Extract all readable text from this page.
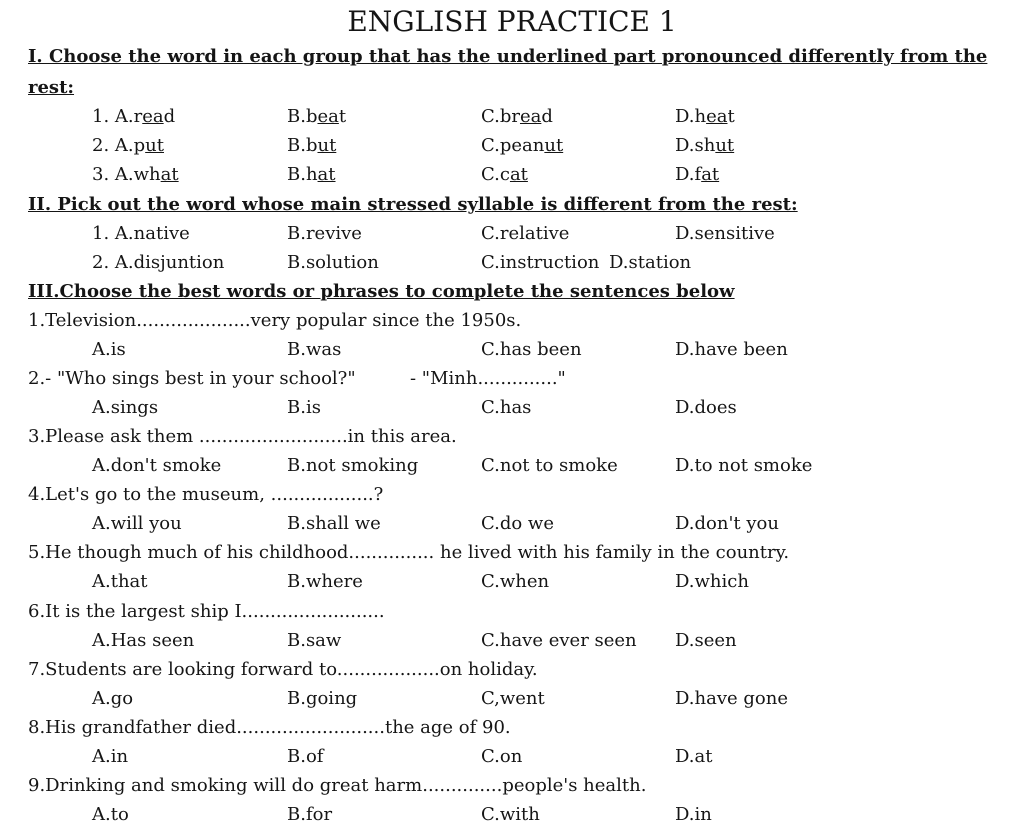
ENGLISH PRACTICE 1
I. Choose the word in each group that has the underlined part pronounced differently from the
rest:
1. A.read	B.beat	C.bread	D.heat
2. A.put	B.but	C.peanut	D.shut
3. A.what	B.hat	C.cat	D.fat
II. Pick out the word whose main stressed syllable is different from the rest:
1. A.native	B.revive	C.relative	D.sensitive
2. A.disjuntion	B.solution	C.instruction D.station
III.Choose the best words or phrases to complete the sentences below
1.Television....................very popular since the 1950s.
A.is	B.was	C.has been	D.have been
2.- "Who sings best in your school?"	- "Minh.............."
A.sings	B.is	C.has	D.does
3.Please ask them ..........................in this area.
A.don't smoke	B.not smoking	C.not to smoke	D.to not smoke
4.Let's go to the museum, ..................?
A.will you	B.shall we	C.do we	D.don't you
5.He though much of his childhood............... he lived with his family in the country.
A.that	B.where	C.when	D.which
6.It is the largest ship I.........................
A.Has seen	B.saw	C.have ever seen D.seen
7.Students are looking forward to..................on holiday.
A.go	B.going	C,went	D.have gone
8.His grandfather died..........................the age of 90.
A.in	B.of	C.on	D.at
9.Drinking and smoking will do great harm..............people's health.
A.to	B.for	C.with	D.in
